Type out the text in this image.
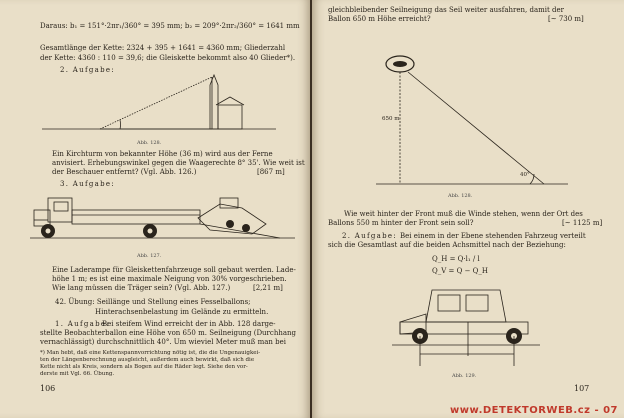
Daraus: b₁ = 151°·2πr₁/360° = 395 mm; b₂ = 209°·2πr₂/360° = 1641 mm
Gesamtlänge der Kette: 2324 + 395 + 1641 = 4360 mm; Gliederzahl
der Kette: 4360 : 110 = 39,6; die Gleiskette bekommt also 40 Glieder*).
2. Aufgabe:
Abb. 128.
Ein Kirchturm von bekannter Höhe (36 m) wird aus der Ferne
anvisiert. Erhebungswinkel gegen die Waagerechte 8° 35'. Wie weit ist
der Beschauer entfernt? (Vgl. Abb. 126.)	[867 m]
3. Aufgabe:
Abb. 127.
Eine Laderampe für Gleiskettenfahrzeuge soll gebaut werden. Lade-
höhe 1 m; es ist eine maximale Neigung von 30% vorgeschrieben.
Wie lang müssen die Träger sein? (Vgl. Abb. 127.)	[2,21 m]
42. Übung: Seillänge und Stellung eines Fesselballons;
Hinterachsenbelastung im Gelände zu ermitteln.
1. Aufgabe:
Bei steifem Wind erreicht der in Abb. 128 darge-
stellte Beobachterballon eine Höhe von 650 m. Seilneigung (Durchhang
vernachlässigt) durchschnittlich 40°. Um wieviel Meter muß man bei
*) Man hebt, daß eine Kettenspannvorrichtung nötig ist, die die Ungenauigkei-
ten der Längenberechnung ausgleicht, außerdem auch bewirkt, daß sich die
Kette nicht als Kreis, sondern als Bogen auf die Räder legt. Siehe den vor-
derste mit Vgl. 66. Übung.
106
gleichbleibender Seilneigung das Seil weiter ausfahren, damit der
Ballon 650 m Höhe erreicht?	[~ 730 m]
650 m
40°
Abb. 128.
Wie weit hinter der Front muß die Winde stehen, wenn der Ort des
Ballons 550 m hinter der Front sein soll?	[~ 1125 m]
2. Aufgabe: Bei einem in der Ebene stehenden Fahrzeug verteilt
sich die Gesamtlast auf die beiden Achsmittel nach der Beziehung:
Q_H = Q·l₁ / l
Q_V = Q − Q_H
Abb. 129.
107
www.DETEKTORWEB.cz - 07
